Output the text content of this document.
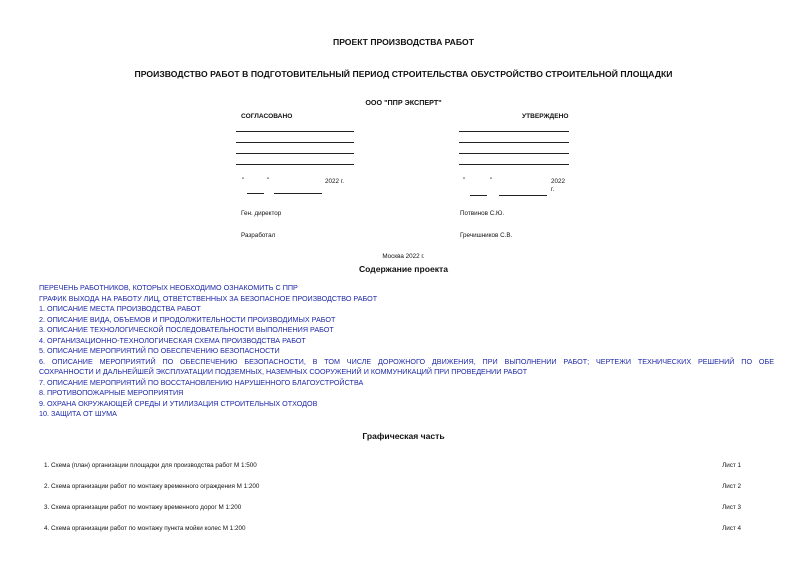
ПРОЕКТ ПРОИЗВОДСТВА РАБОТ
ПРОИЗВОДСТВО РАБОТ В ПОДГОТОВИТЕЛЬНЫЙ ПЕРИОД СТРОИТЕЛЬСТВА ОБУСТРОЙСТВО СТРОИТЕЛЬНОЙ ПЛОЩАДКИ
ООО "ППР ЭКСПЕРТ"
СОГЛАСОВАНО	УТВЕРЖДЕНО
"	"	2022 г.	"	"	2022
г.
Ген. директор	Потвинов С.Ю.
Разработал	Гречишников С.В.
Москва 2022 г.
Содержание проекта
ПЕРЕЧЕНЬ РАБОТНИКОВ, КОТОРЫХ НЕОБХОДИМО ОЗНАКОМИТЬ С ППР
ГРАФИК ВЫХОДА НА РАБОТУ ЛИЦ, ОТВЕТСТВЕННЫХ ЗА БЕЗОПАСНОЕ ПРОИЗВОДСТВО РАБОТ
1. ОПИСАНИЕ МЕСТА ПРОИЗВОДСТВА РАБОТ
2. ОПИСАНИЕ ВИДА, ОБЪЕМОВ И ПРОДОЛЖИТЕЛЬНОСТИ ПРОИЗВОДИМЫХ РАБОТ
3. ОПИСАНИЕ ТЕХНОЛОГИЧЕСКОЙ ПОСЛЕДОВАТЕЛЬНОСТИ ВЫПОЛНЕНИЯ РАБОТ
4. ОРГАНИЗАЦИОННО-ТЕХНОЛОГИЧЕСКАЯ СХЕМА ПРОИЗВОДСТВА РАБОТ
5. ОПИСАНИЕ МЕРОПРИЯТИЙ ПО ОБЕСПЕЧЕНИЮ БЕЗОПАСНОСТИ
6. ОПИСАНИЕ МЕРОПРИЯТИЙ ПО ОБЕСПЕЧЕНИЮ БЕЗОПАСНОСТИ, В ТОМ ЧИСЛЕ ДОРОЖНОГО ДВИЖЕНИЯ, ПРИ ВЫПОЛНЕНИИ РАБОТ; ЧЕРТЕЖИ ТЕХНИЧЕСКИХ РЕШЕНИЙ ПО ОБЕ
СОХРАННОСТИ И ДАЛЬНЕЙШЕЙ ЭКСПЛУАТАЦИИ ПОДЗЕМНЫХ, НАЗЕМНЫХ СООРУЖЕНИЙ И КОММУНИКАЦИЙ ПРИ ПРОВЕДЕНИИ РАБОТ
7. ОПИСАНИЕ МЕРОПРИЯТИЙ ПО ВОССТАНОВЛЕНИЮ НАРУШЕННОГО БЛАГОУСТРОЙСТВА
8. ПРОТИВОПОЖАРНЫЕ МЕРОПРИЯТИЯ
9. ОХРАНА ОКРУЖАЮЩЕЙ СРЕДЫ И УТИЛИЗАЦИЯ СТРОИТЕЛЬНЫХ ОТХОДОВ
10. ЗАЩИТА ОТ ШУМА
Графическая часть
1. Схема (план) организации площадки для производства работ М 1:500	Лист 1
2. Схема организации работ по монтажу временного ограждения М 1:200	Лист 2
3. Схема организации работ по монтажу временного дорог М 1:200	Лист 3
4. Схема организации работ по монтажу пункта мойки колес М 1:200	Лист 4
